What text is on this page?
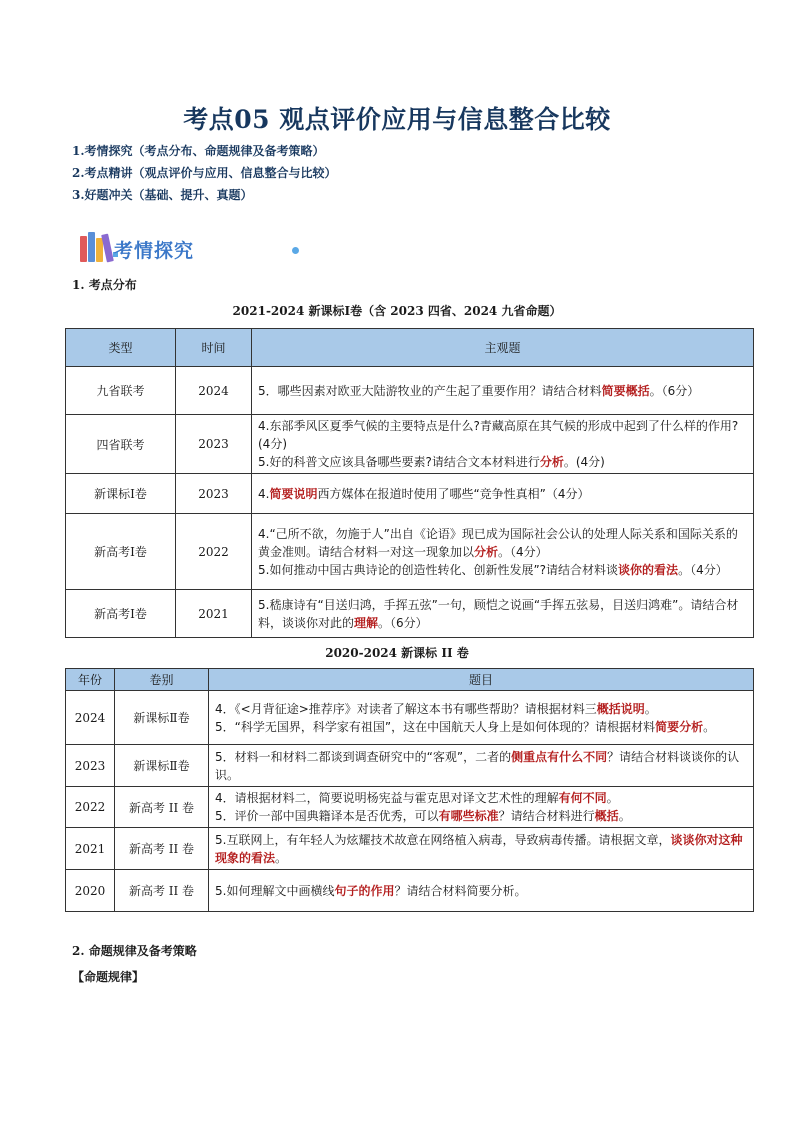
考点05 观点评价应用与信息整合比较
1.考情探究（考点分布、命题规律及备考策略）
2.考点精讲（观点评价与应用、信息整合与比较）
3.好题冲关（基础、提升、真题）
考情探究
1. 考点分布
2021-2024 新课标Ⅰ卷（含 2023 四省、2024 九省命题）
类型	时间	主观题
九省联考	2024	5．哪些因素对欧亚大陆游牧业的产生起了重要作用？请结合材料简要概括。（6分）

四省联考	2023	4.东部季风区夏季气候的主要特点是什么?青藏高原在其气候的形成中起到了什么样的作用?(4分)
5.好的科普文应该具备哪些要素?请结合文本材料进行分析。(4分)

新课标Ⅰ卷	2023	4.简要说明西方媒体在报道时使用了哪些“竞争性真相”（4分）

新高考Ⅰ卷	2022	4.“己所不欲，勿施于人”出自《论语》现已成为国际社会公认的处理人际关系和国际关系的黄金准则。请结合材料一对这一现象加以分析。（4分）
5.如何推动中国古典诗论的创造性转化、创新性发展”?请结合材料谈谈你的看法。（4分）

新高考Ⅰ卷	2021	5.嵇康诗有“目送归鸿，手挥五弦”一句，顾恺之说画“手挥五弦易，目送归鸿难”。请结合材料，谈谈你对此的理解。（6分）
2020-2024 新课标 II 卷
年份	卷别	题目
2024	新课标Ⅱ卷	4．《<月背征途>推荐序》对读者了解这本书有哪些帮助？请根据材料三概括说明。
5．“科学无国界，科学家有祖国”，这在中国航天人身上是如何体现的？请根据材料简要分析。

2023	新课标Ⅱ卷	5．材料一和材料二都谈到调查研究中的“客观”，二者的侧重点有什么不同？请结合材料谈谈你的认识。

2022	新高考 II 卷	4．请根据材料二，简要说明杨宪益与霍克思对译文艺术性的理解有何不同。
5．评价一部中国典籍译本是否优秀，可以有哪些标准？请结合材料进行概括。

2021	新高考 II 卷	5.互联网上，有年轻人为炫耀技术故意在网络植入病毒，导致病毒传播。请根据文章，谈谈你对这种现象的看法。

2020	新高考 II 卷	5.如何理解文中画横线句子的作用？请结合材料简要分析。
2. 命题规律及备考策略
【命题规律】
